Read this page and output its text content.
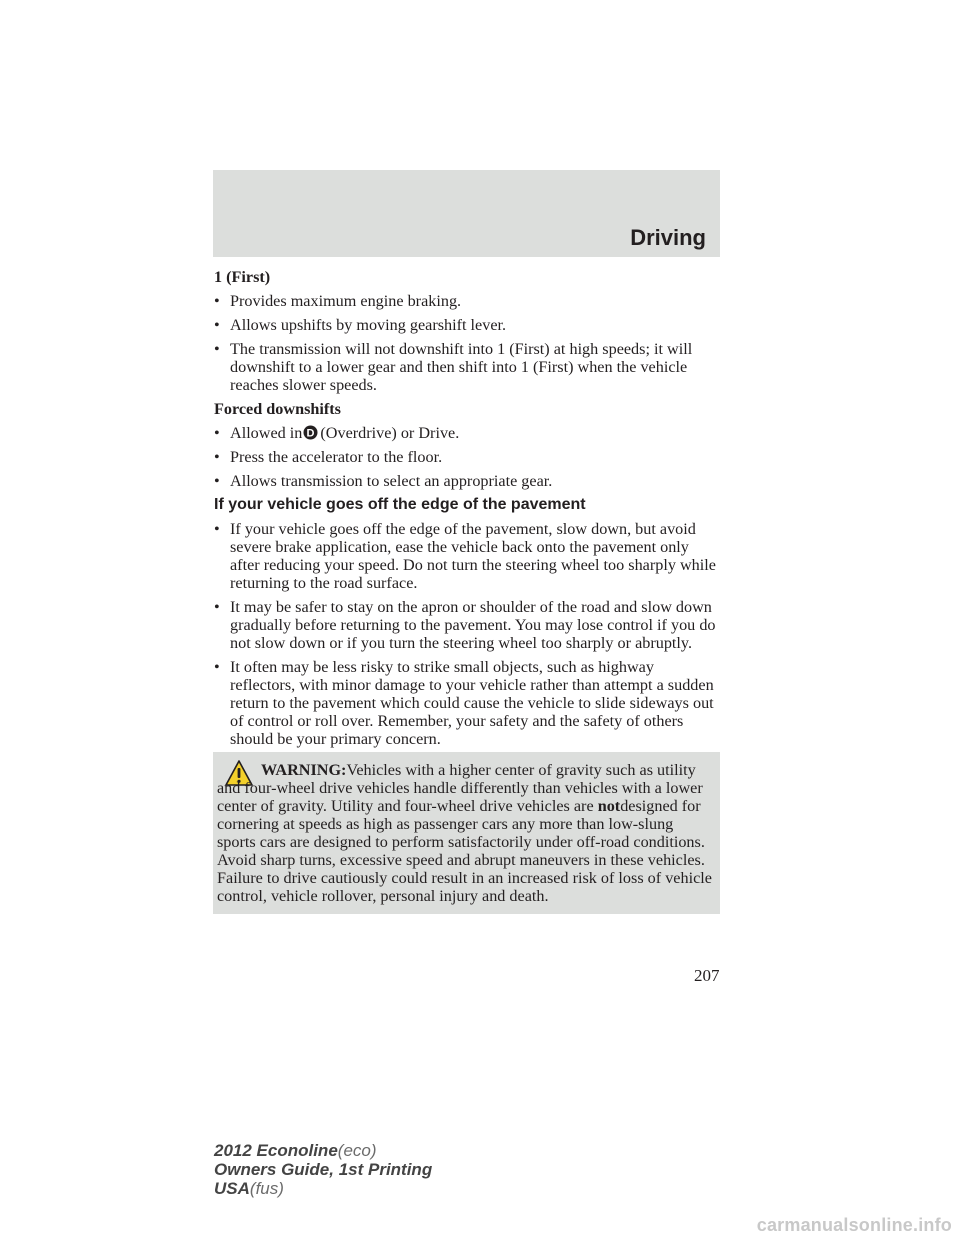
Driving
1 (First)
• Provides maximum engine braking.
• Allows upshifts by moving gearshift lever.
• The transmission will not downshift into 1 (First) at high speeds; it will downshift to a lower gear and then shift into 1 (First) when the vehicle reaches slower speeds.
Forced downshifts
• Allowed in D (Overdrive) or Drive.
• Press the accelerator to the floor.
• Allows transmission to select an appropriate gear.
If your vehicle goes off the edge of the pavement
• If your vehicle goes off the edge of the pavement, slow down, but avoid severe brake application, ease the vehicle back onto the pavement only after reducing your speed. Do not turn the steering wheel too sharply while returning to the road surface.
• It may be safer to stay on the apron or shoulder of the road and slow down gradually before returning to the pavement. You may lose control if you do not slow down or if you turn the steering wheel too sharply or abruptly.
• It often may be less risky to strike small objects, such as highway reflectors, with minor damage to your vehicle rather than attempt a sudden return to the pavement which could cause the vehicle to slide sideways out of control or roll over. Remember, your safety and the safety of others should be your primary concern.
WARNING:Vehicles with a higher center of gravity such as utility and four-wheel drive vehicles handle differently than vehicles with a lower center of gravity. Utility and four-wheel drive vehicles are notdesigned for cornering at speeds as high as passenger cars any more than low-slung sports cars are designed to perform satisfactorily under off-road conditions. Avoid sharp turns, excessive speed and abrupt maneuvers in these vehicles. Failure to drive cautiously could result in an increased risk of loss of vehicle control, vehicle rollover, personal injury and death.
207
2012 Econoline(eco)
Owners Guide, 1st Printing
USA(fus)
carmanualsonline.info
